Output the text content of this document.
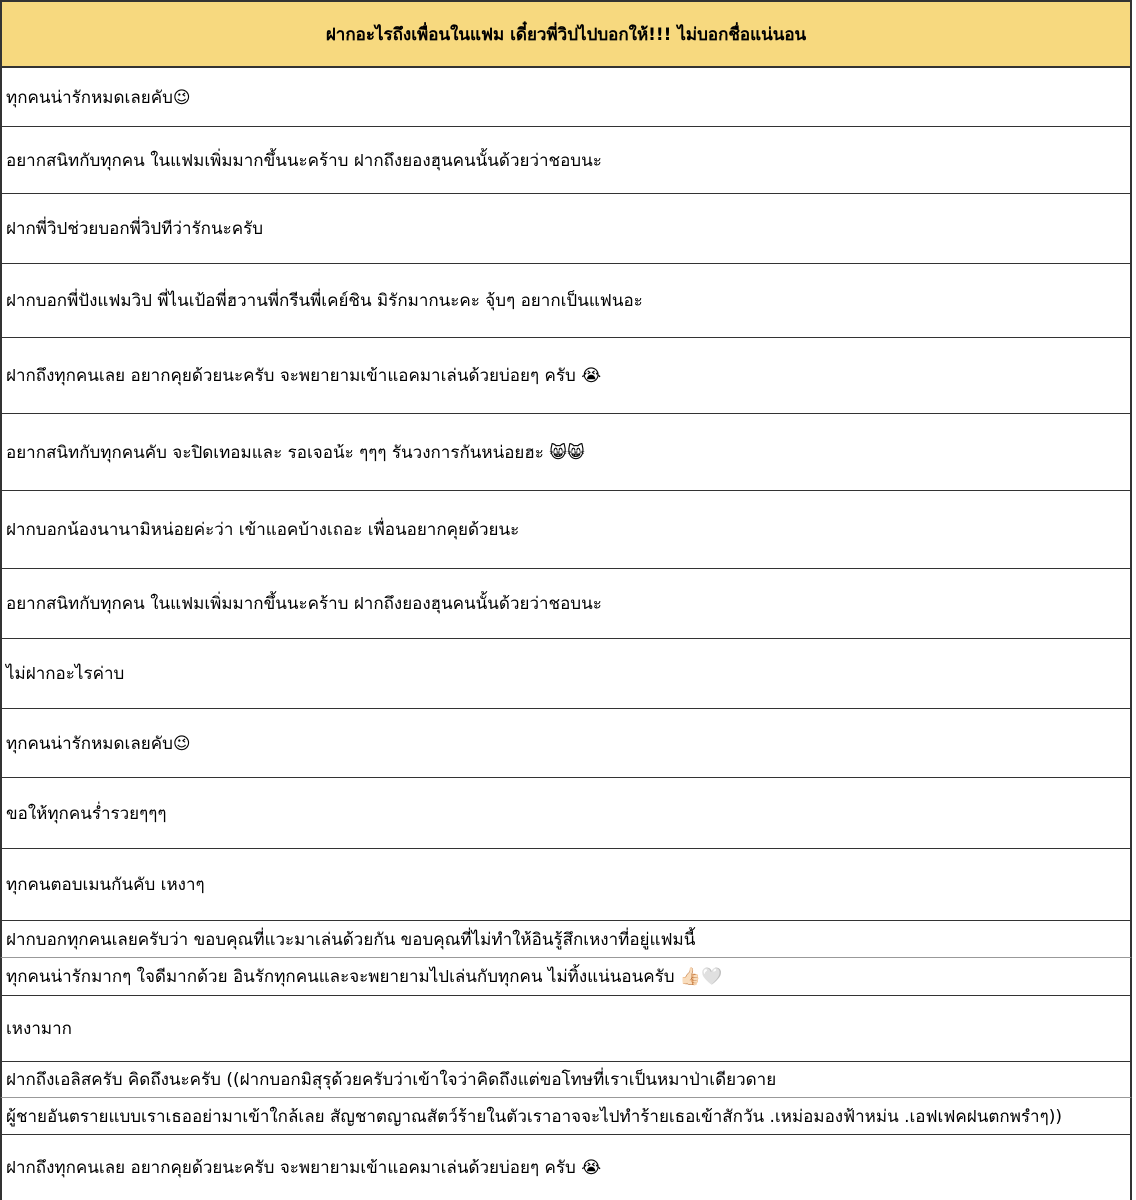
ฝากอะไรถึงเพื่อนในแฟม เดี๋ยวพี่วิปไปบอกให้!!! ไม่บอกชื่อแน่นอน
ทุกคนน่ารักหมดเลยคับ😉
อยากสนิทกับทุกคน ในแฟมเพิ่มมากขึ้นนะคร้าบ ฝากถึงยองฮุนคนนั้นด้วยว่าชอบนะ
ฝากพี่วิปช่วยบอกพี่วิปทีว่ารักนะครับ
ฝากบอกพี่ปังแฟมวิป พี่ไนเป้อพี่ฮวานพี่กรีนพี่เคย์ชิน มิรักมากนะคะ จุ้บๆ อยากเป็นแฟนอะ
ฝากถึงทุกคนเลย อยากคุยด้วยนะครับ จะพยายามเข้าแอคมาเล่นด้วยบ่อยๆ ครับ 😭
อยากสนิทกับทุกคนคับ จะปิดเทอมและ รอเจอน้ะ ๆๆๆ รันวงการกันหน่อยฮะ 😸😸
ฝากบอกน้องนานามิหน่อยค่ะว่า เข้าแอคบ้างเถอะ เพื่อนอยากคุยด้วยนะ
อยากสนิทกับทุกคน ในแฟมเพิ่มมากขึ้นนะคร้าบ ฝากถึงยองฮุนคนนั้นด้วยว่าชอบนะ
ไม่ฝากอะไรค่าบ
ทุกคนน่ารักหมดเลยคับ😉
ขอให้ทุกคนร่ำรวยๆๆๆ
ทุกคนตอบเมนกันคับ เหงาๆ
ฝากบอกทุกคนเลยครับว่า ขอบคุณที่แวะมาเล่นด้วยกัน ขอบคุณที่ไม่ทำให้อินรู้สึกเหงาที่อยู่แฟมนี้
ทุกคนน่ารักมากๆ ใจดีมากด้วย อินรักทุกคนและจะพยายามไปเล่นกับทุกคน ไม่ทิ้งแน่นอนครับ 👍🏻🤍
เหงามาก
ฝากถึงเอลิสครับ คิดถึงนะครับ ((ฝากบอกมิสุรุด้วยครับว่าเข้าใจว่าคิดถึงแต่ขอโทษที่เราเป็นหมาป่าเดียวดาย
ผู้ชายอันตรายแบบเราเธออย่ามาเข้าใกล้เลย สัญชาตญาณสัตว์ร้ายในตัวเราอาจจะไปทำร้ายเธอเข้าสักวัน .เหม่อมองฟ้าหม่น .เอฟเฟคฝนตกพรำๆ))
ฝากถึงทุกคนเลย อยากคุยด้วยนะครับ จะพยายามเข้าแอคมาเล่นด้วยบ่อยๆ ครับ 😭
